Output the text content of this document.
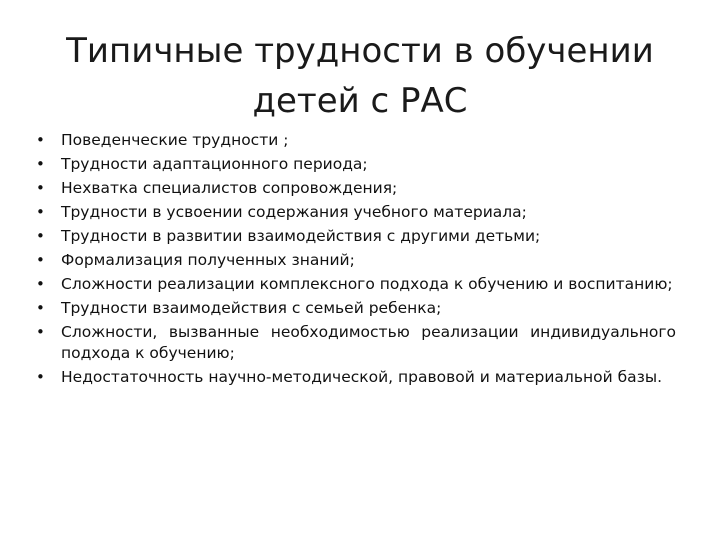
Типичные трудности в обучении детей с РАС
•	Поведенческие трудности ;
•	Трудности адаптационного периода;
•	Нехватка специалистов сопровождения;
•	Трудности в усвоении содержания учебного материала;
•	Трудности в развитии взаимодействия с другими детьми;
•	Формализация полученных знаний;
•	Сложности реализации комплексного подхода к обучению и воспитанию;
•	Трудности взаимодействия с семьей ребенка;
•	Сложности, вызванные необходимостью реализации индивидуального подхода к обучению;
•	Недостаточность научно-методической, правовой и материальной базы.
